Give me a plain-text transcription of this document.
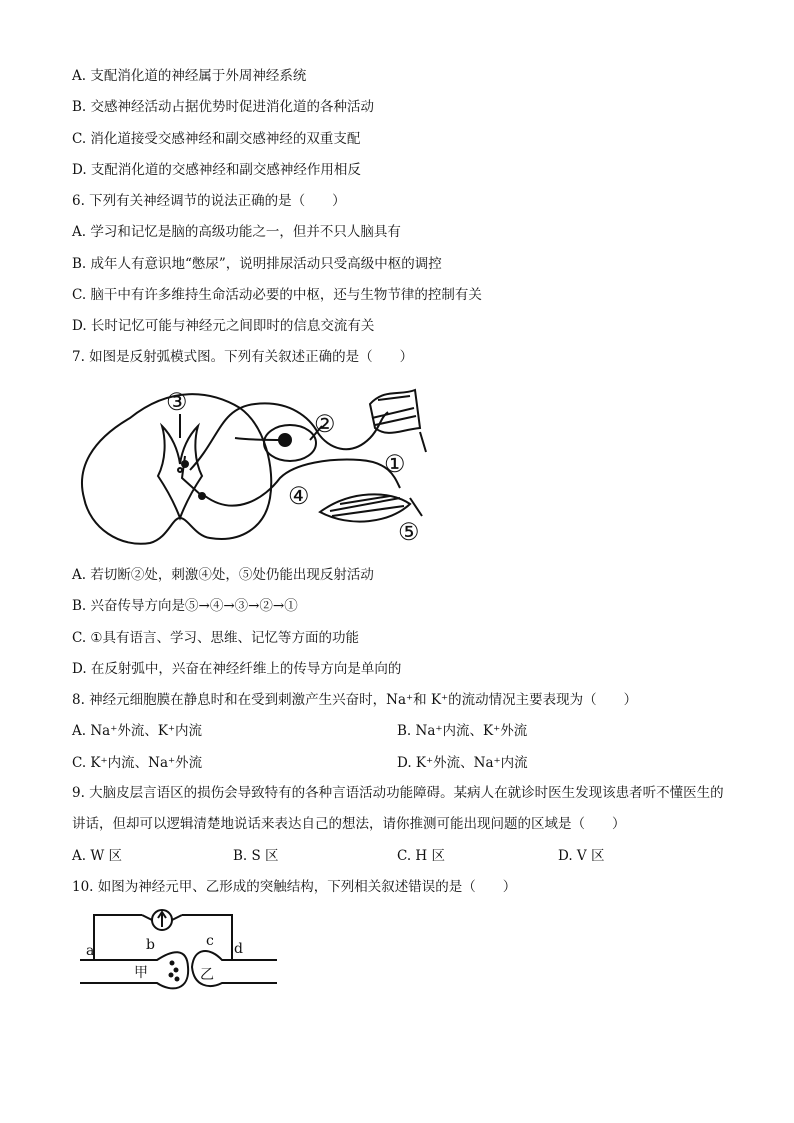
A. 支配消化道的神经属于外周神经系统
B. 交感神经活动占据优势时促进消化道的各种活动
C. 消化道接受交感神经和副交感神经的双重支配
D. 支配消化道的交感神经和副交感神经作用相反
6. 下列有关神经调节的说法正确的是（　　）
A. 学习和记忆是脑的高级功能之一，但并不只人脑具有
B. 成年人有意识地“憋尿”，说明排尿活动只受高级中枢的调控
C. 脑干中有许多维持生命活动必要的中枢，还与生物节律的控制有关
D. 长时记忆可能与神经元之间即时的信息交流有关
7. 如图是反射弧模式图。下列有关叙述正确的是（　　）
③
②
①
④
⑤
A. 若切断②处，刺激④处，⑤处仍能出现反射活动
B. 兴奋传导方向是⑤→④→③→②→①
C. ①具有语言、学习、思维、记忆等方面的功能
D. 在反射弧中，兴奋在神经纤维上的传导方向是单向的
8. 神经元细胞膜在静息时和在受到刺激产生兴奋时，Na⁺和 K⁺的流动情况主要表现为（　　）
A. Na⁺外流、K⁺内流	B. Na⁺内流、K⁺外流
C. K⁺内流、Na⁺外流	D. K⁺外流、Na⁺内流
9. 大脑皮层言语区的损伤会导致特有的各种言语活动功能障碍。某病人在就诊时医生发现该患者听不懂医生的讲话，但却可以逻辑清楚地说话来表达自己的想法，请你推测可能出现问题的区域是（　　）
A. W 区	B. S 区	C. H 区	D. V 区
10. 如图为神经元甲、乙形成的突触结构，下列相关叙述错误的是（　　）
a	b	c d
甲	乙
